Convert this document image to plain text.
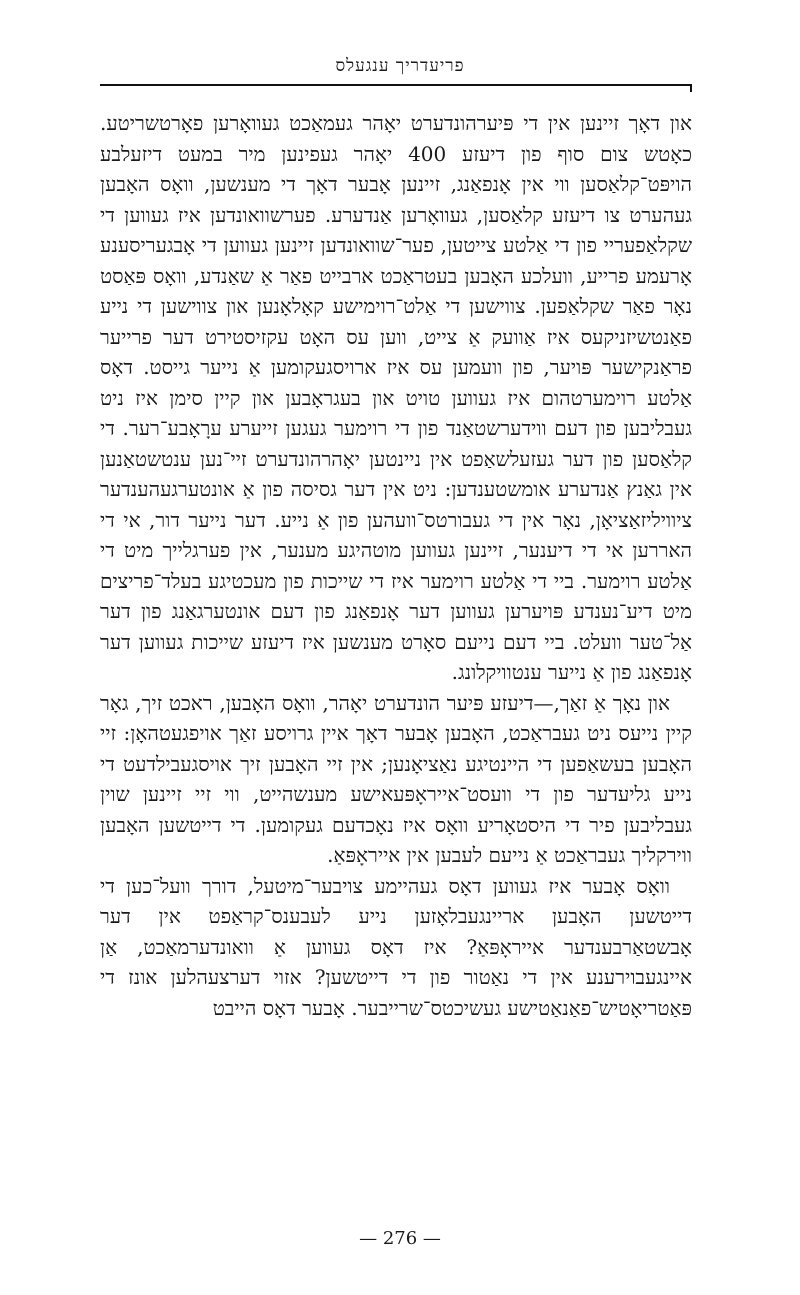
פריעדריך ענגעלס

און דאָך זיינען אין די פּיערהונדערט יאָהר געמאַכט געוואָרען פאָרטשריטע. כאָטש צום סוף פון דיעזע 400 יאָהר געפינען מיר במעט דיזעלבע הויפּט־קלאַסען ווי אין אָנפאַנג, זיינען אָבער דאָך די מענשען, וואָס האָבען געהערט צו דיעזע קלאַסען, געוואָרען אַנדערע. פערשוואונדען איז געווען די שקלאַפעריי פון די אַלטע צייטען, פער־שוואונדען זיינען געווען די אָבגעריסענע אָרעמע פרייע, וועלכע האָבען בעטראַכט ארבייט פאַר אַ שאַנדע, וואָס פּאַסט נאָר פאַר שקלאַפען. צווישען די אַלט־רוימישע קאָלאָנען און צווישען די נייע פאַנטשיזניקעס איז אַוועק אַ צייט, ווען עס האָט עקזיסטירט דער פרייער פראַנקישער פּויער, פון וועמען עס איז ארויסגעקומען אַ נייער גייסט. דאָס אַלטע רוימערטהום איז געווען טויט און בעגראָבען און קיין סימן איז ניט געבליבען פון דעם ווידערשטאַנד פון די רוימער געגען זייערע ערָאָבע־רער. די קלאַסען פון דער געזעלשאַפט אין ניינטען יאָהרהונדערט זיי־נען ענטשטאַנען אין גאַנץ אַנדערע אומשטענדען: ניט אין דער גסיסה פון אַ אונטערגעהענדער ציוויליזאַציאָן, נאָר אין די געבורטס־וועהען פון אַ נייע. דער נייער דור, אי די האררען אי די דיענער, זיינען געווען מוטהיגע מענער, אין פערגלייך מיט די אַלטע רוימער. ביי די אַלטע רוימער איז די שייכות פון מעכטיגע בעלד־פריצים מיט דיע־נענדע פּויערען געווען דער אָנפאַנג פון דעם אונטערגאַנג פון דער אַל־טער וועלט. ביי דעם נייעם סאָרט מענשען איז דיעזע שייכות געווען דער אָנפאַנג פון אַ נייער ענטוויקלונג.

און נאָך אַ זאַך,—דיעזע פּיער הונדערט יאָהר, וואָס האָבען, ראכט זיך, גאָר קיין נייעס ניט געבראַכט, האָבען אָבער דאָך איין גרויסע זאַך אויפגעטהאָן: זיי האָבען בעשאַפען די היינטיגע נאַציאָנען; אין זיי האָבען זיך אויסגעבילדעט די נייע גליעדער פון די וועסט־אייראָפּעאישע מענשהייט, ווי זיי זיינען שוין געבליבען פיר די היסטאָריע וואָס איז נאָכדעם געקומען. די דייטשען האָבען ווירקליך געבראַכט אַ נייעם לעבען אין אייראָפּאַ.

וואָס אָבער איז געווען דאָס געהיימע צויבער־מיטעל, דורך וועל־כען די דייטשען האָבען אריינגעבלאָזען נייע לעבענס־קראַפט אין דער אָבשטאַרבענדער אייראָפּאַ? איז דאָס געווען אַ וואונדערמאַכט, אַן איינגעבוירענע אין די נאַטור פון די דייטשען? אזוי דערצעהלען אונז די פּאַטריאָטיש־פאַנאַטישע געשיכטס־שרייבער. אָבער דאָס הייבט

— 276 —
